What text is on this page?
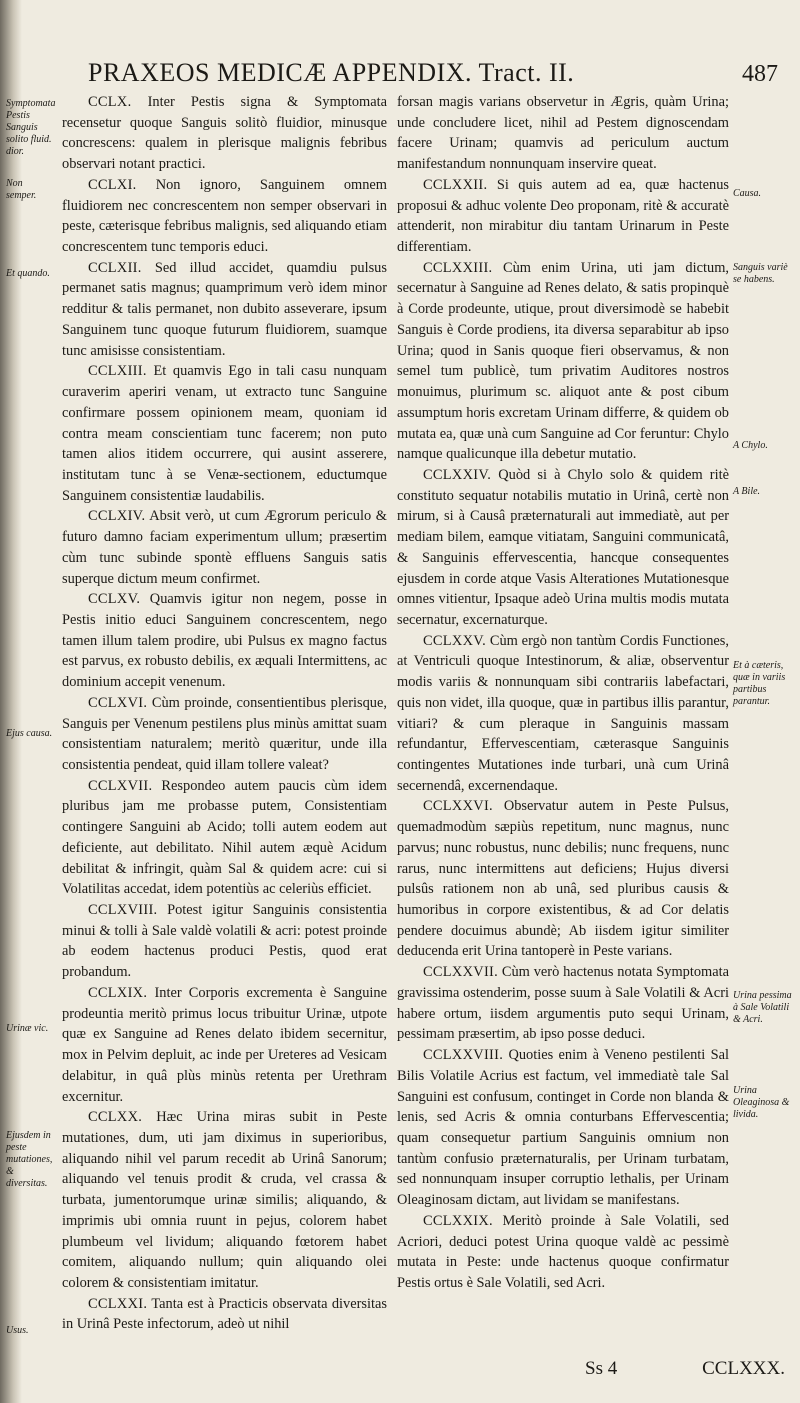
PRAXEOS MEDICÆ APPENDIX. Tract. II.	487
Symptomata Pestis Sanguis solito fluid. dior.
Non semper.
Et quando.
Ejus causa.
Urinæ vic.
Ejusdem in peste mutationes, & diversitas.
Usus.
Causa.
Sanguis variè se habens.
A Chylo.
A Bile.
Et à cæteris, quæ in variis partibus parantur.
Urina pessima à Sale Volatili & Acri.
Urina Oleaginosa & livida.

CCLX. Inter Pestis signa & Symptomata recensetur quoque Sanguis solitò fluidior, minusque concrescens: qualem in plerisque malignis febribus observari notant practici.

CCLXI. Non ignoro, Sanguinem omnem fluidiorem nec concrescentem non semper observari in peste, cæterisque febribus malignis, sed aliquando etiam concrescentem tunc temporis educi.

CCLXII. Sed illud accidet, quamdiu pulsus permanet satis magnus; quamprimum verò idem minor redditur & talis permanet, non dubito asseverare, ipsum Sanguinem tunc quoque futurum fluidiorem, suamque tunc amisisse consistentiam.

CCLXIII. Et quamvis Ego in tali casu nunquam curaverim aperiri venam, ut extracto tunc Sanguine confirmare possem opinionem meam, quoniam id contra meam conscientiam tunc facerem; non puto tamen alios itidem occurrere, qui ausint asserere, institutam tunc à se Venæ-sectionem, eductumque Sanguinem consistentiæ laudabilis.

CCLXIV. Absit verò, ut cum Ægrorum periculo & futuro damno faciam experimentum ullum; præsertim cùm tunc subinde spontè effluens Sanguis satis superque dictum meum confirmet.

CCLXV. Quamvis igitur non negem, posse in Pestis initio educi Sanguinem concrescentem, nego tamen illum talem prodire, ubi Pulsus ex magno factus est parvus, ex robusto debilis, ex æquali Intermittens, ac dominium accepit venenum.

CCLXVI. Cùm proinde, consentientibus plerisque, Sanguis per Venenum pestilens plus minùs amittat suam consistentiam naturalem; meritò quæritur, unde illa consistentia pendeat, quid illam tollere valeat?

CCLXVII. Respondeo autem paucis cùm idem pluribus jam me probasse putem, Consistentiam contingere Sanguini ab Acido; tolli autem eodem aut deficiente, aut debilitato. Nihil autem æquè Acidum debilitat & infringit, quàm Sal & quidem acre: cui si Volatilitas accedat, idem potentiùs ac celeriùs efficiet.

CCLXVIII. Potest igitur Sanguinis consistentia minui & tolli à Sale valdè volatili & acri: potest proinde ab eodem hactenus produci Pestis, quod erat probandum.

CCLXIX. Inter Corporis excrementa è Sanguine prodeuntia meritò primus locus tribuitur Urinæ, utpote quæ ex Sanguine ad Renes delato ibidem secernitur, mox in Pelvim depluit, ac inde per Ureteres ad Vesicam delabitur, in quâ plùs minùs retenta per Urethram excernitur.

CCLXX. Hæc Urina miras subit in Peste mutationes, dum, uti jam diximus in superioribus, aliquando nihil vel parum recedit ab Urinâ Sanorum; aliquando vel tenuis prodit & cruda, vel crassa & turbata, jumentorumque urinæ similis; aliquando, & imprimis ubi omnia ruunt in pejus, colorem habet plumbeum vel lividum; aliquando fœtorem habet comitem, aliquando nullum; quin aliquando olei colorem & consistentiam imitatur.

CCLXXI. Tanta est à Practicis observata diversitas in Urinâ Peste infectorum, adeò ut nihil

forsan magis varians observetur in Ægris, quàm Urina; unde concludere licet, nihil ad Pestem dignoscendam facere Urinam; quamvis ad periculum auctum manifestandum nonnunquam inservire queat.

CCLXXII. Si quis autem ad ea, quæ hactenus proposui & adhuc volente Deo proponam, ritè & accuratè attenderit, non mirabitur diu tantam Urinarum in Peste differentiam.

CCLXXIII. Cùm enim Urina, uti jam dictum, secernatur à Sanguine ad Renes delato, & satis propinquè à Corde prodeunte, utique, prout diversimodè se habebit Sanguis è Corde prodiens, ita diversa separabitur ab ipso Urina; quod in Sanis quoque fieri observamus, & non semel tum publicè, tum privatim Auditores nostros monuimus, plurimum sc. aliquot ante & post cibum assumptum horis excretam Urinam differre, & quidem ob mutata ea, quæ unà cum Sanguine ad Cor feruntur: Chylo namque qualicunque illa debetur mutatio.

CCLXXIV. Quòd si à Chylo solo & quidem ritè constituto sequatur notabilis mutatio in Urinâ, certè non mirum, si à Causâ præternaturali aut immediatè, aut per mediam bilem, eamque vitiatam, Sanguini communicatâ, & Sanguinis effervescentia, hancque consequentes ejusdem in corde atque Vasis Alterationes Mutationesque omnes vitientur, Ipsaque adeò Urina multis modis mutata secernatur, excernaturque.

CCLXXV. Cùm ergò non tantùm Cordis Functiones, at Ventriculi quoque Intestinorum, & aliæ, observentur modis variis & nonnunquam sibi contrariis labefactari, quis non videt, illa quoque, quæ in partibus illis parantur, vitiari? & cum pleraque in Sanguinis massam refundantur, Effervescentiam, cæterasque Sanguinis contingentes Mutationes inde turbari, unà cum Urinâ secernendâ, excernendaque.

CCLXXVI. Observatur autem in Peste Pulsus, quemadmodùm sæpiùs repetitum, nunc magnus, nunc parvus; nunc robustus, nunc debilis; nunc frequens, nunc rarus, nunc intermittens aut deficiens; Hujus diversi pulsûs rationem non ab unâ, sed pluribus causis & humoribus in corpore existentibus, & ad Cor delatis pendere docuimus abundè; Ab iisdem igitur similiter deducenda erit Urina tantoperè in Peste varians.

CCLXXVII. Cùm verò hactenus notata Symptomata gravissima ostenderim, posse suum à Sale Volatili & Acri habere ortum, iisdem argumentis puto sequi Urinam, pessimam præsertim, ab ipso posse deduci.

CCLXXVIII. Quoties enim à Veneno pestilenti Sal Bilis Volatile Acrius est factum, vel immediatè tale Sal Sanguini est confusum, continget in Corde non blanda & lenis, sed Acris & omnia conturbans Effervescentia; quam consequetur partium Sanguinis omnium non tantùm confusio præternaturalis, per Urinam turbatam, sed nonnunquam insuper corruptio lethalis, per Urinam Oleaginosam dictam, aut lividam se manifestans.

CCLXXIX. Meritò proinde à Sale Volatili, sed Acriori, deduci potest Urina quoque valdè ac pessimè mutata in Peste: unde hactenus quoque confirmatur Pestis ortus è Sale Volatili, sed Acri.

Ss 4	CCLXXX.
